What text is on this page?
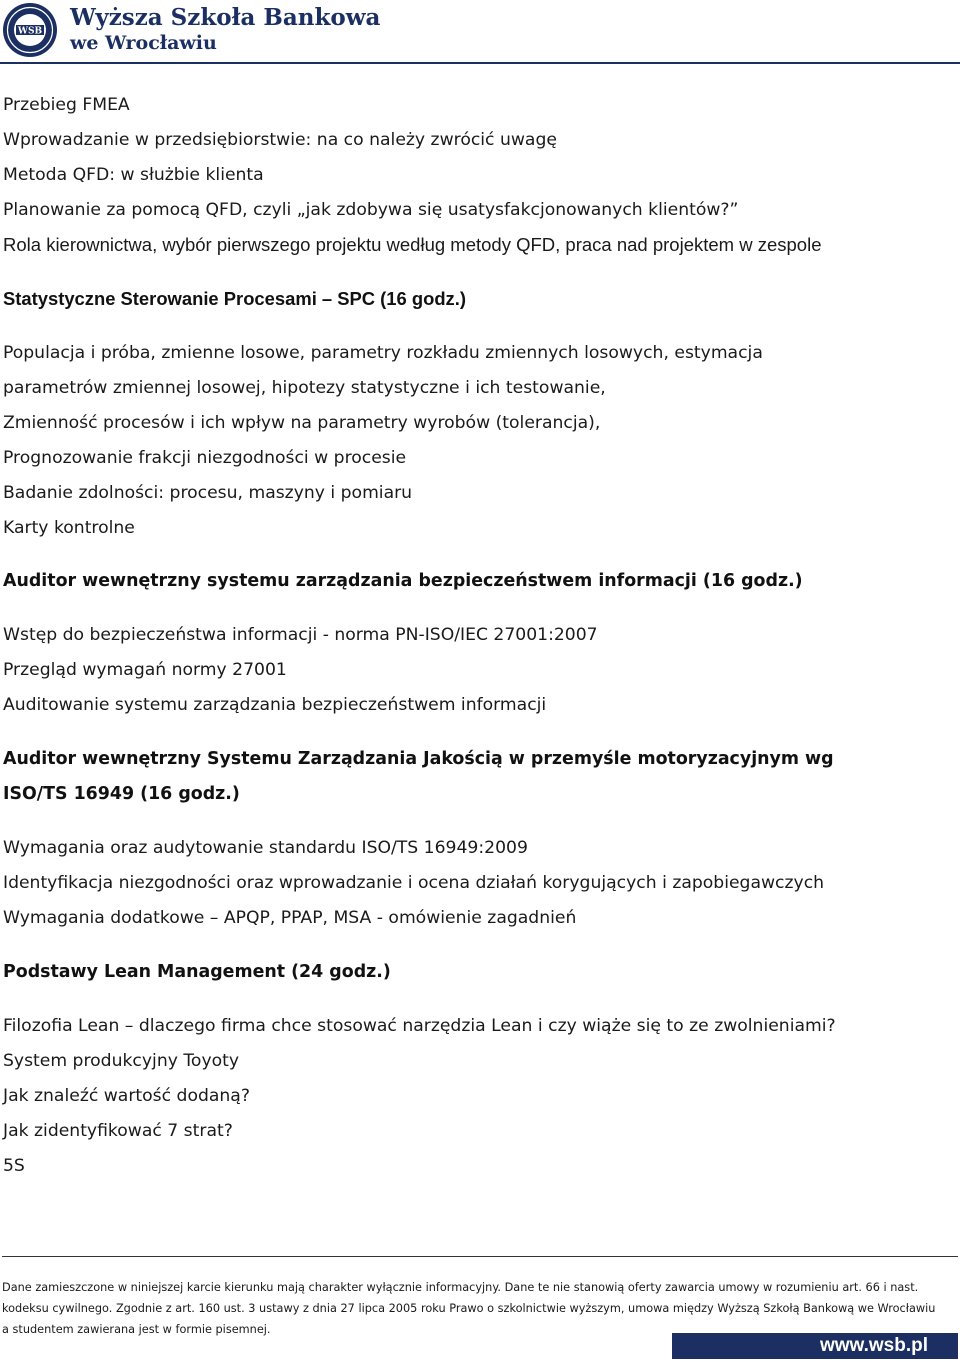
WSB
Wyższa Szkoła Bankowa
we Wrocławiu
Przebieg FMEA
Wprowadzanie w przedsiębiorstwie: na co należy zwrócić uwagę
Metoda QFD: w służbie klienta
Planowanie za pomocą QFD, czyli „jak zdobywa się usatysfakcjonowanych klientów?”
Rola kierownictwa, wybór pierwszego projektu według metody QFD, praca nad projektem w zespole
Statystyczne Sterowanie Procesami – SPC (16 godz.)
Populacja i próba, zmienne losowe, parametry rozkładu zmiennych losowych, estymacja
parametrów zmiennej losowej, hipotezy statystyczne i ich testowanie,
Zmienność procesów i ich wpływ na parametry wyrobów (tolerancja),
Prognozowanie frakcji niezgodności w procesie
Badanie zdolności: procesu, maszyny i pomiaru
Karty kontrolne
Auditor wewnętrzny systemu zarządzania bezpieczeństwem informacji (16 godz.)
Wstęp do bezpieczeństwa informacji - norma PN-ISO/IEC 27001:2007
Przegląd wymagań normy 27001
Auditowanie systemu zarządzania bezpieczeństwem informacji
Auditor wewnętrzny Systemu Zarządzania Jakością w przemyśle motoryzacyjnym wg
ISO/TS 16949 (16 godz.)
Wymagania oraz audytowanie standardu ISO/TS 16949:2009
Identyfikacja niezgodności oraz wprowadzanie i ocena działań korygujących i zapobiegawczych
Wymagania dodatkowe – APQP, PPAP, MSA - omówienie zagadnień
Podstawy Lean Management (24 godz.)
Filozofia Lean – dlaczego firma chce stosować narzędzia Lean i czy wiąże się to ze zwolnieniami?
System produkcyjny Toyoty
Jak znaleźć wartość dodaną?
Jak zidentyfikować 7 strat?
5S
Dane zamieszczone w niniejszej karcie kierunku mają charakter wyłącznie informacyjny. Dane te nie stanowią oferty zawarcia umowy w rozumieniu art. 66 i nast.
kodeksu cywilnego. Zgodnie z art. 160 ust. 3 ustawy z dnia 27 lipca 2005 roku Prawo o szkolnictwie wyższym, umowa między Wyższą Szkołą Bankową we Wrocławiu
a studentem zawierana jest w formie pisemnej.
www.wsb.pl
